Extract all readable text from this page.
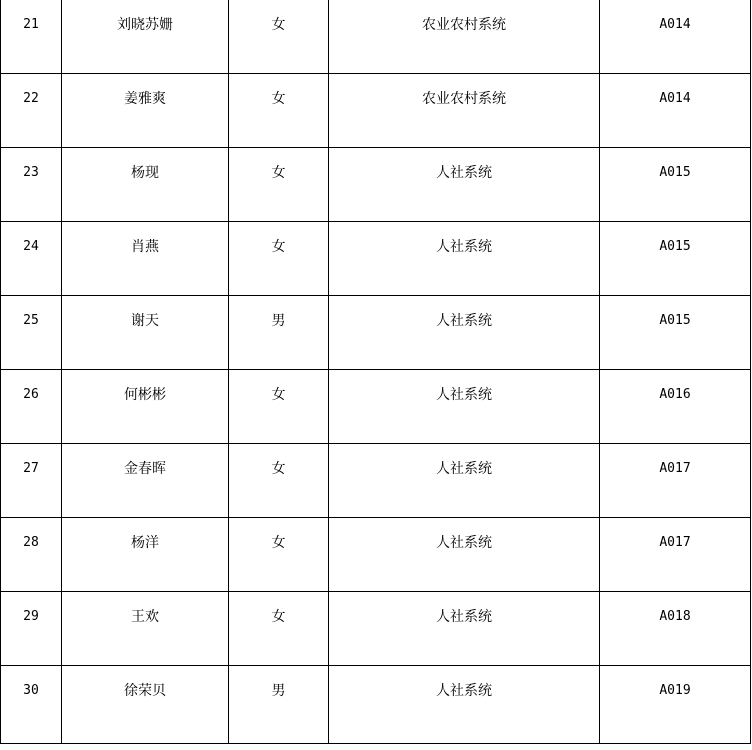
21	刘晓苏姗	女	农业农村系统	A014

22	姜雅爽	女	农业农村系统	A014

23	杨现	女	人社系统	A015

24	肖燕	女	人社系统	A015

25	谢天	男	人社系统	A015

26	何彬彬	女	人社系统	A016

27	金春晖	女	人社系统	A017

28	杨洋	女	人社系统	A017

29	王欢	女	人社系统	A018

30	徐荣贝	男	人社系统	A019
